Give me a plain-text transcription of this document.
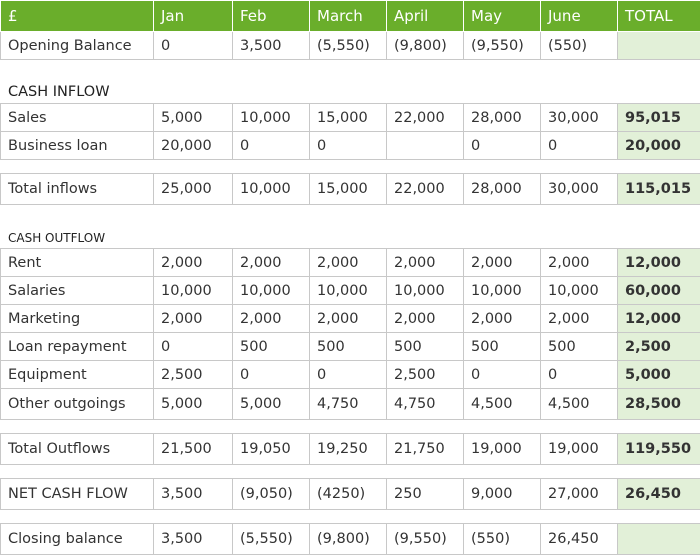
£	Jan	Feb	March	April	May	June	TOTAL
Opening Balance	0	3,500	(5,550)	(9,800)	(9,550)	(550)	
CASH INFLOW							
Sales	5,000	10,000	15,000	22,000	28,000	30,000	95,015
Business loan	20,000	0	0		0	0	20,000

Total inflows	25,000	10,000	15,000	22,000	28,000	30,000	115,015
CASH OUTFLOW							
Rent	2,000	2,000	2,000	2,000	2,000	2,000	12,000
Salaries	10,000	10,000	10,000	10,000	10,000	10,000	60,000
Marketing	2,000	2,000	2,000	2,000	2,000	2,000	12,000
Loan repayment	0	500	500	500	500	500	2,500
Equipment	2,500	0	0	2,500	0	0	5,000
Other outgoings	5,000	5,000	4,750	4,750	4,500	4,500	28,500

Total Outflows	21,500	19,050	19,250	21,750	19,000	19,000	119,550

NET CASH FLOW	3,500	(9,050)	(4250)	250	9,000	27,000	26,450

Closing balance	3,500	(5,550)	(9,800)	(9,550)	(550)	26,450	
